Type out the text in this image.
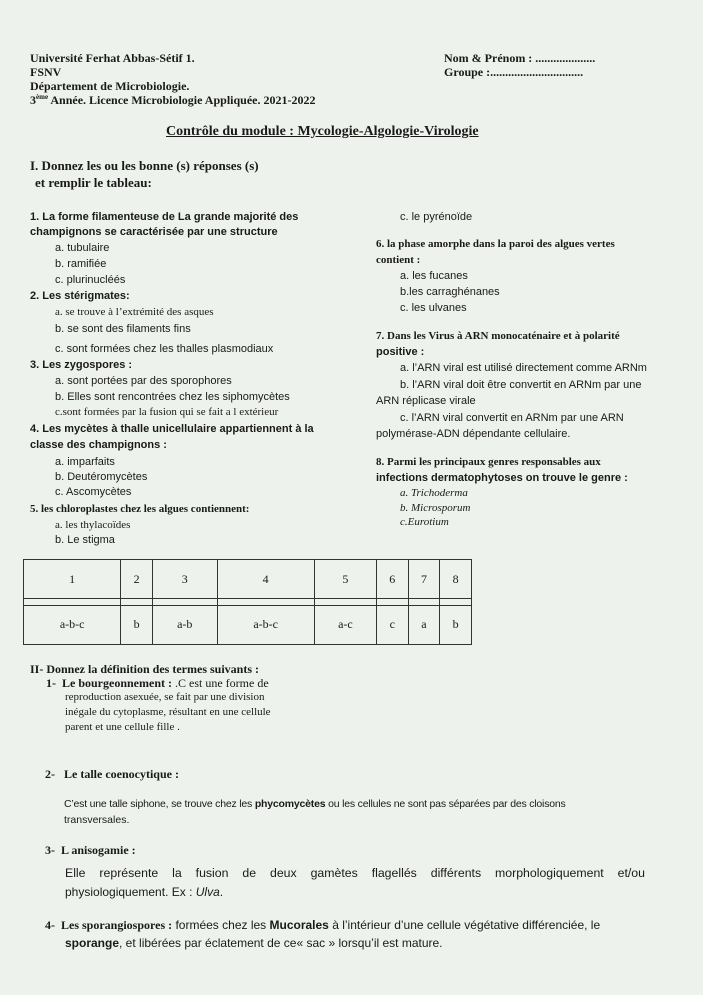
Université Ferhat Abbas-Sétif 1.
FSNV
Département de Microbiologie.
3ème Année. Licence Microbiologie Appliquée. 2021-2022
Nom & Prénom : ....................
Groupe :...............................
Contrôle du module : Mycologie-Algologie-Virologie
I. Donnez les ou les bonne (s) réponses (s)
et remplir le tableau:
1. La forme filamenteuse de La grande majorité des
champignons se caractérisée par une structure
a. tubulaire
b. ramifiée
c. plurinucléés
2. Les stérigmates:
a. se trouve à l’extrémité des asques
b. se sont des filaments fins
c. sont formées chez les thalles plasmodiaux
3. Les zygospores :
a. sont portées par des sporophores
b. Elles sont rencontrées chez les siphomycètes
c.sont formées par la fusion qui se fait a l extérieur
4. Les mycètes à thalle unicellulaire appartiennent à la
classe des champignons :
a. imparfaits
b. Deutéromycètes
c. Ascomycètes
5. les chloroplastes chez les algues contiennent:
a. les thylacoïdes
b. Le stigma
c. le pyrénoïde
6. la phase amorphe dans la paroi des algues vertes
contient :
a. les fucanes
b.les carraghénanes
c. les ulvanes
7. Dans les Virus à ARN monocaténaire et à polarité
positive :
a. l’ARN viral est utilisé directement comme ARNm
b. l’ARN viral doit être convertit en ARNm par une
ARN réplicase virale
c. l’ARN viral convertit en ARNm par une ARN
polymérase-ADN dépendante cellulaire.
8. Parmi les principaux genres responsables aux
infections dermatophytoses on trouve le genre :
a. Trichoderma
b. Microsporum
c.Eurotium
1	2	3	4	5	6	7	8

a-b-c	b	a-b	a-b-c	a-c	c	a	b
II- Donnez la définition des termes suivants :
1- Le bourgeonnement : .C est une forme de
reproduction asexuée, se fait par une division
inégale du cytoplasme, résultant en une cellule
parent et une cellule fille .
2- Le talle coenocytique :
C’est une talle siphone, se trouve chez les phycomycètes ou les cellules ne sont pas séparées par des cloisons
transversales.
3- L anisogamie :
Elle représente la fusion de deux gamètes flagellés différents morphologiquement et/ou
physiologiquement. Ex : Ulva.
4- Les sporangiospores : formées chez les Mucorales à l’intérieur d’une cellule végétative différenciée, le
sporange, et libérées par éclatement de ce« sac » lorsqu’il est mature.
